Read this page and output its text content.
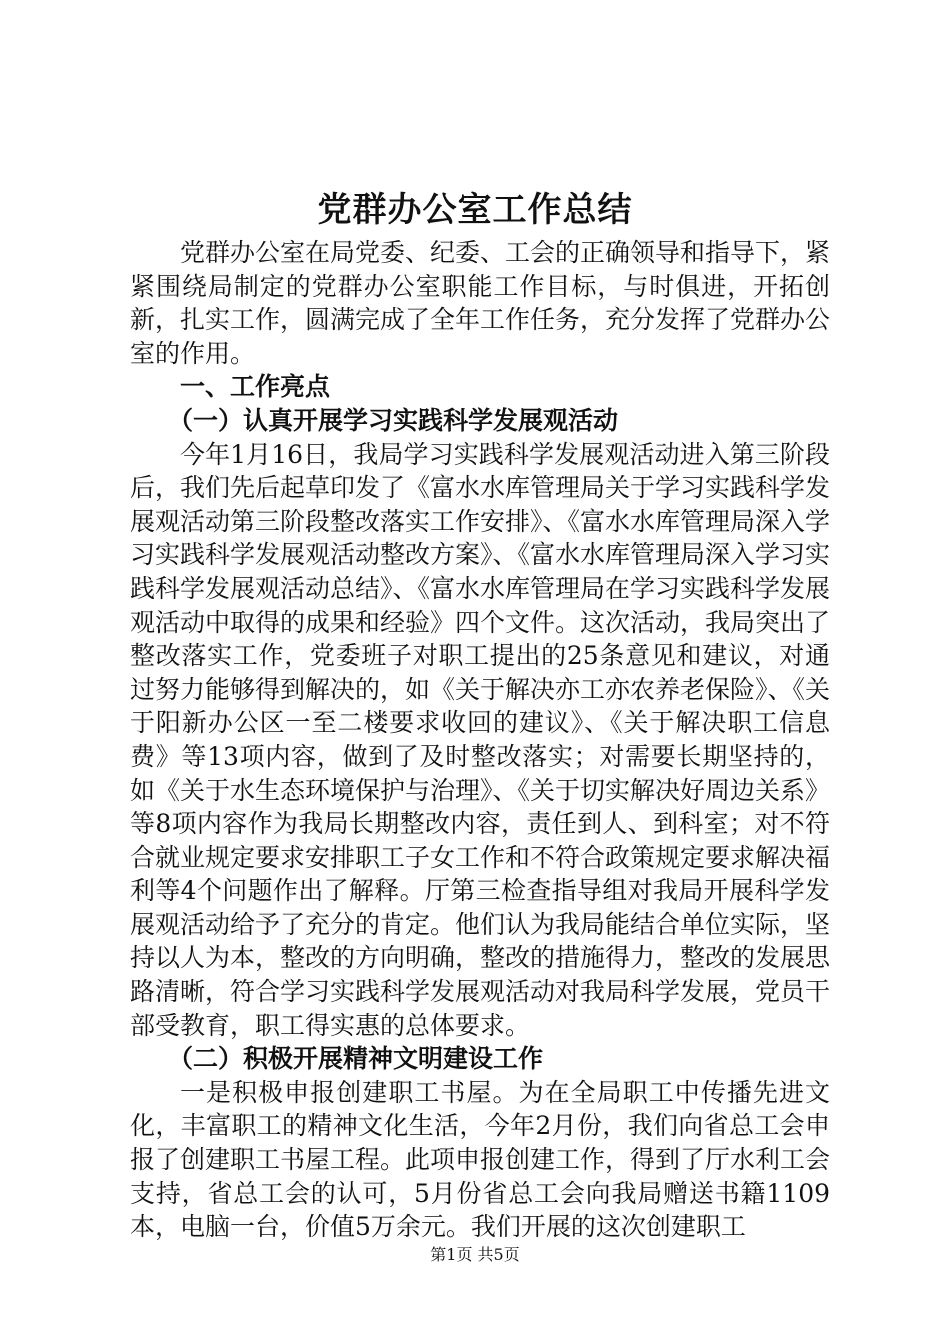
党群办公室工作总结

党群办公室在局党委、纪委、工会的正确领导和指导下，紧紧围绕局制定的党群办公室职能工作目标，与时俱进，开拓创新，扎实工作，圆满完成了全年工作任务，充分发挥了党群办公室的作用。

一、工作亮点

（一）认真开展学习实践科学发展观活动

今年1月16日，我局学习实践科学发展观活动进入第三阶段后，我们先后起草印发了《富水水库管理局关于学习实践科学发展观活动第三阶段整改落实工作安排》、《富水水库管理局深入学习实践科学发展观活动整改方案》、《富水水库管理局深入学习实践科学发展观活动总结》、《富水水库管理局在学习实践科学发展观活动中取得的成果和经验》四个文件。这次活动，我局突出了整改落实工作，党委班子对职工提出的25条意见和建议，对通过努力能够得到解决的，如《关于解决亦工亦农养老保险》、《关于阳新办公区一至二楼要求收回的建议》、《关于解决职工信息费》等13项内容，做到了及时整改落实；对需要长期坚持的，如《关于水生态环境保护与治理》、《关于切实解决好周边关系》等8项内容作为我局长期整改内容，责任到人、到科室；对不符合就业规定要求安排职工子女工作和不符合政策规定要求解决福利等4个问题作出了解释。厅第三检查指导组对我局开展科学发展观活动给予了充分的肯定。他们认为我局能结合单位实际，坚持以人为本，整改的方向明确，整改的措施得力，整改的发展思路清晰，符合学习实践科学发展观活动对我局科学发展，党员干部受教育，职工得实惠的总体要求。

（二）积极开展精神文明建设工作

一是积极申报创建职工书屋。为在全局职工中传播先进文化，丰富职工的精神文化生活，今年2月份，我们向省总工会申报了创建职工书屋工程。此项申报创建工作，得到了厅水利工会支持，省总工会的认可，5月份省总工会向我局赠送书籍1109本，电脑一台，价值5万余元。我们开展的这次创建职工

第1页 共5页
